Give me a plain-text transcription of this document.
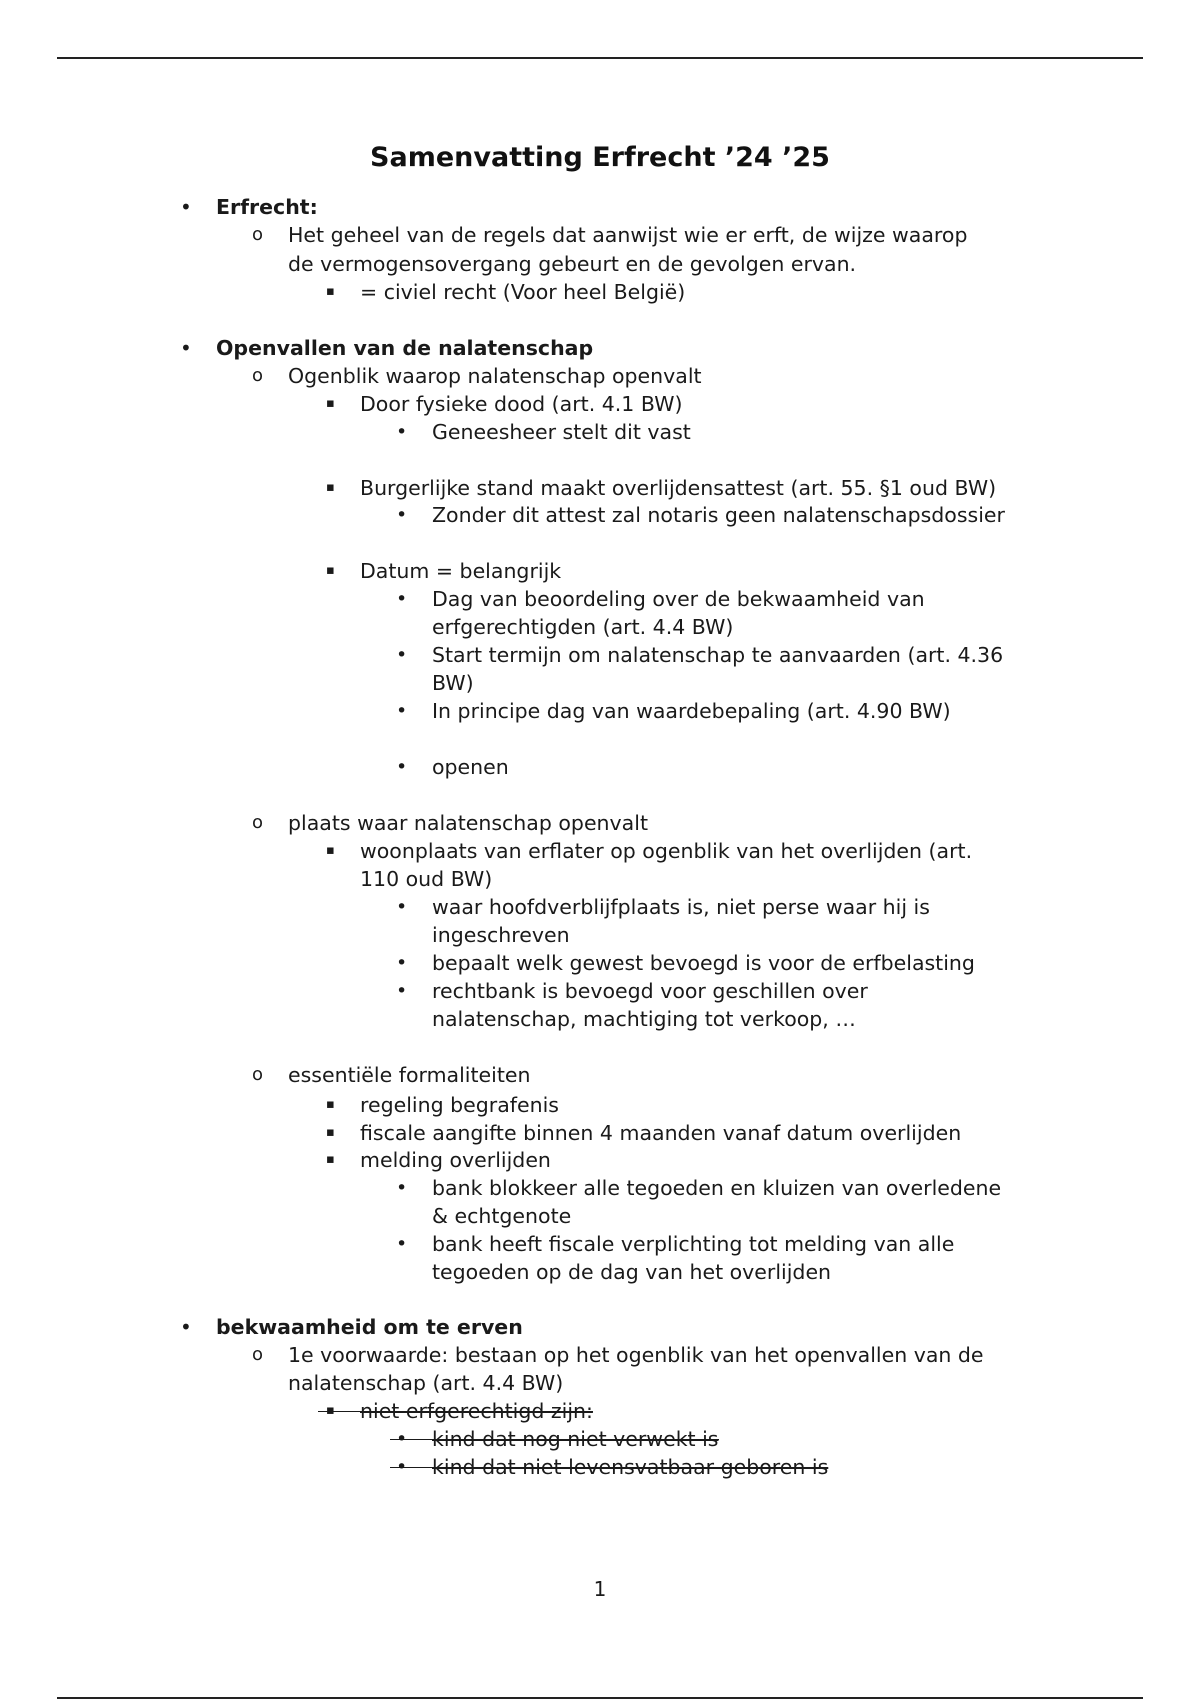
Samenvatting Erfrecht ’24 ’25
• Erfrecht:
o Het geheel van de regels dat aanwijst wie er erft, de wijze waarop
de vermogensovergang gebeurt en de gevolgen ervan.
▪ = civiel recht (Voor heel België)
• Openvallen van de nalatenschap
o Ogenblik waarop nalatenschap openvalt
▪ Door fysieke dood (art. 4.1 BW)
• Geneesheer stelt dit vast
▪ Burgerlijke stand maakt overlijdensattest (art. 55. §1 oud BW)
• Zonder dit attest zal notaris geen nalatenschapsdossier
▪ Datum = belangrijk
• Dag van beoordeling over de bekwaamheid van
erfgerechtigden (art. 4.4 BW)
• Start termijn om nalatenschap te aanvaarden (art. 4.36
BW)
• In principe dag van waardebepaling (art. 4.90 BW)
• openen
o plaats waar nalatenschap openvalt
▪ woonplaats van erflater op ogenblik van het overlijden (art.
110 oud BW)
• waar hoofdverblijfplaats is, niet perse waar hij is
ingeschreven
• bepaalt welk gewest bevoegd is voor de erfbelasting
• rechtbank is bevoegd voor geschillen over
nalatenschap, machtiging tot verkoop, …
o essentiële formaliteiten
▪ regeling begrafenis
▪ fiscale aangifte binnen 4 maanden vanaf datum overlijden
▪ melding overlijden
• bank blokkeer alle tegoeden en kluizen van overledene
& echtgenote
• bank heeft fiscale verplichting tot melding van alle
tegoeden op de dag van het overlijden
• bekwaamheid om te erven
o 1e voorwaarde: bestaan op het ogenblik van het openvallen van de
nalatenschap (art. 4.4 BW)
▪ niet erfgerechtigd zijn:
• kind dat nog niet verwekt is
• kind dat niet levensvatbaar geboren is
1
